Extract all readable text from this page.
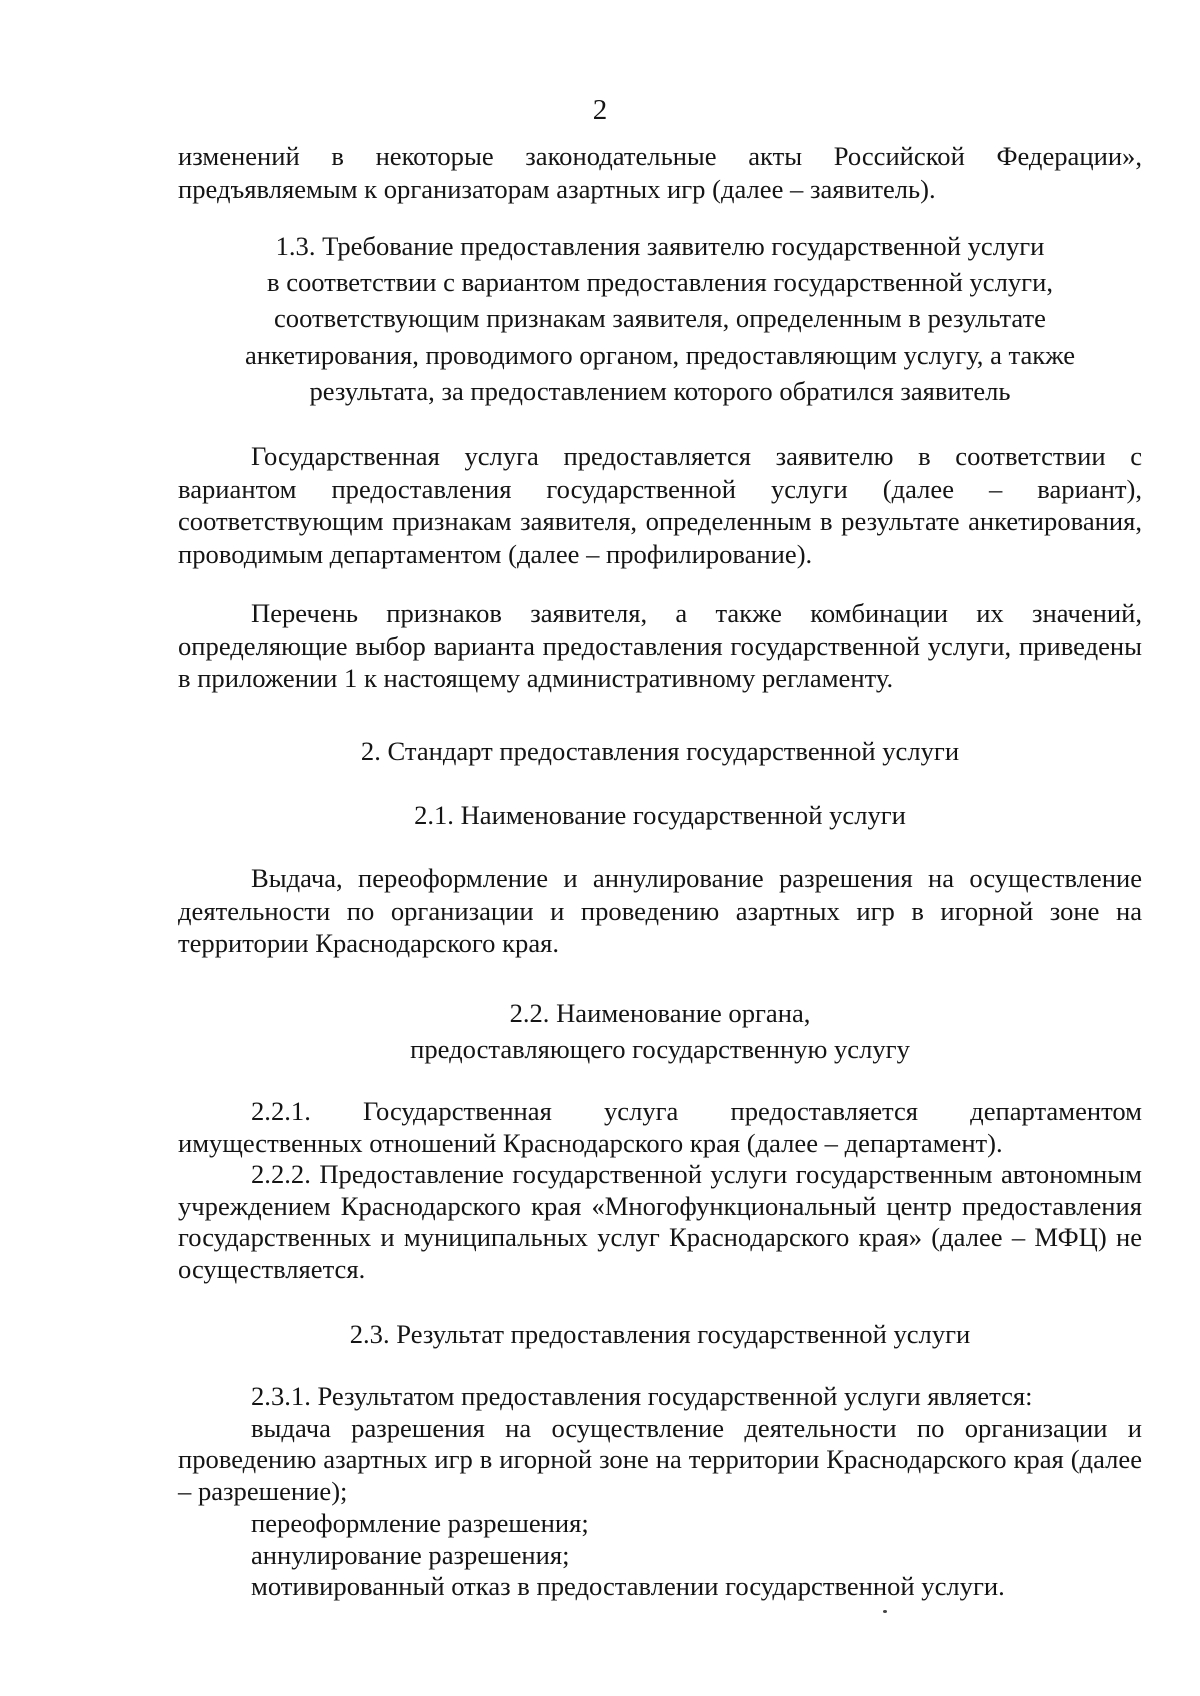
2

изменений в некоторые законодательные акты Российской Федерации», предъявляемым к организаторам азартных игр (далее – заявитель).

1.3. Требование предоставления заявителю государственной услуги
в соответствии с вариантом предоставления государственной услуги,
соответствующим признакам заявителя, определенным в результате
анкетирования, проводимого органом, предоставляющим услугу, а также
результата, за предоставлением которого обратился заявитель

Государственная услуга предоставляется заявителю в соответствии с вариантом предоставления государственной услуги (далее – вариант), соответствующим признакам заявителя, определенным в результате анкетирования, проводимым департаментом (далее – профилирование).

Перечень признаков заявителя, а также комбинации их значений, определяющие выбор варианта предоставления государственной услуги, приведены в приложении 1 к настоящему административному регламенту.

2. Стандарт предоставления государственной услуги
2.1. Наименование государственной услуги

Выдача, переоформление и аннулирование разрешения на осуществление деятельности по организации и проведению азартных игр в игорной зоне на территории Краснодарского края.

2.2. Наименование органа,
предоставляющего государственную услугу

2.2.1. Государственная услуга предоставляется департаментом имущественных отношений Краснодарского края (далее – департамент).

2.2.2. Предоставление государственной услуги государственным автономным учреждением Краснодарского края «Многофункциональный центр предоставления государственных и муниципальных услуг Краснодарского края» (далее – МФЦ) не осуществляется.

2.3. Результат предоставления государственной услуги

2.3.1. Результатом предоставления государственной услуги является:

выдача разрешения на осуществление деятельности по организации и проведению азартных игр в игорной зоне на территории Краснодарского края (далее – разрешение);

переоформление разрешения;

аннулирование разрешения;

мотивированный отказ в предоставлении государственной услуги.
